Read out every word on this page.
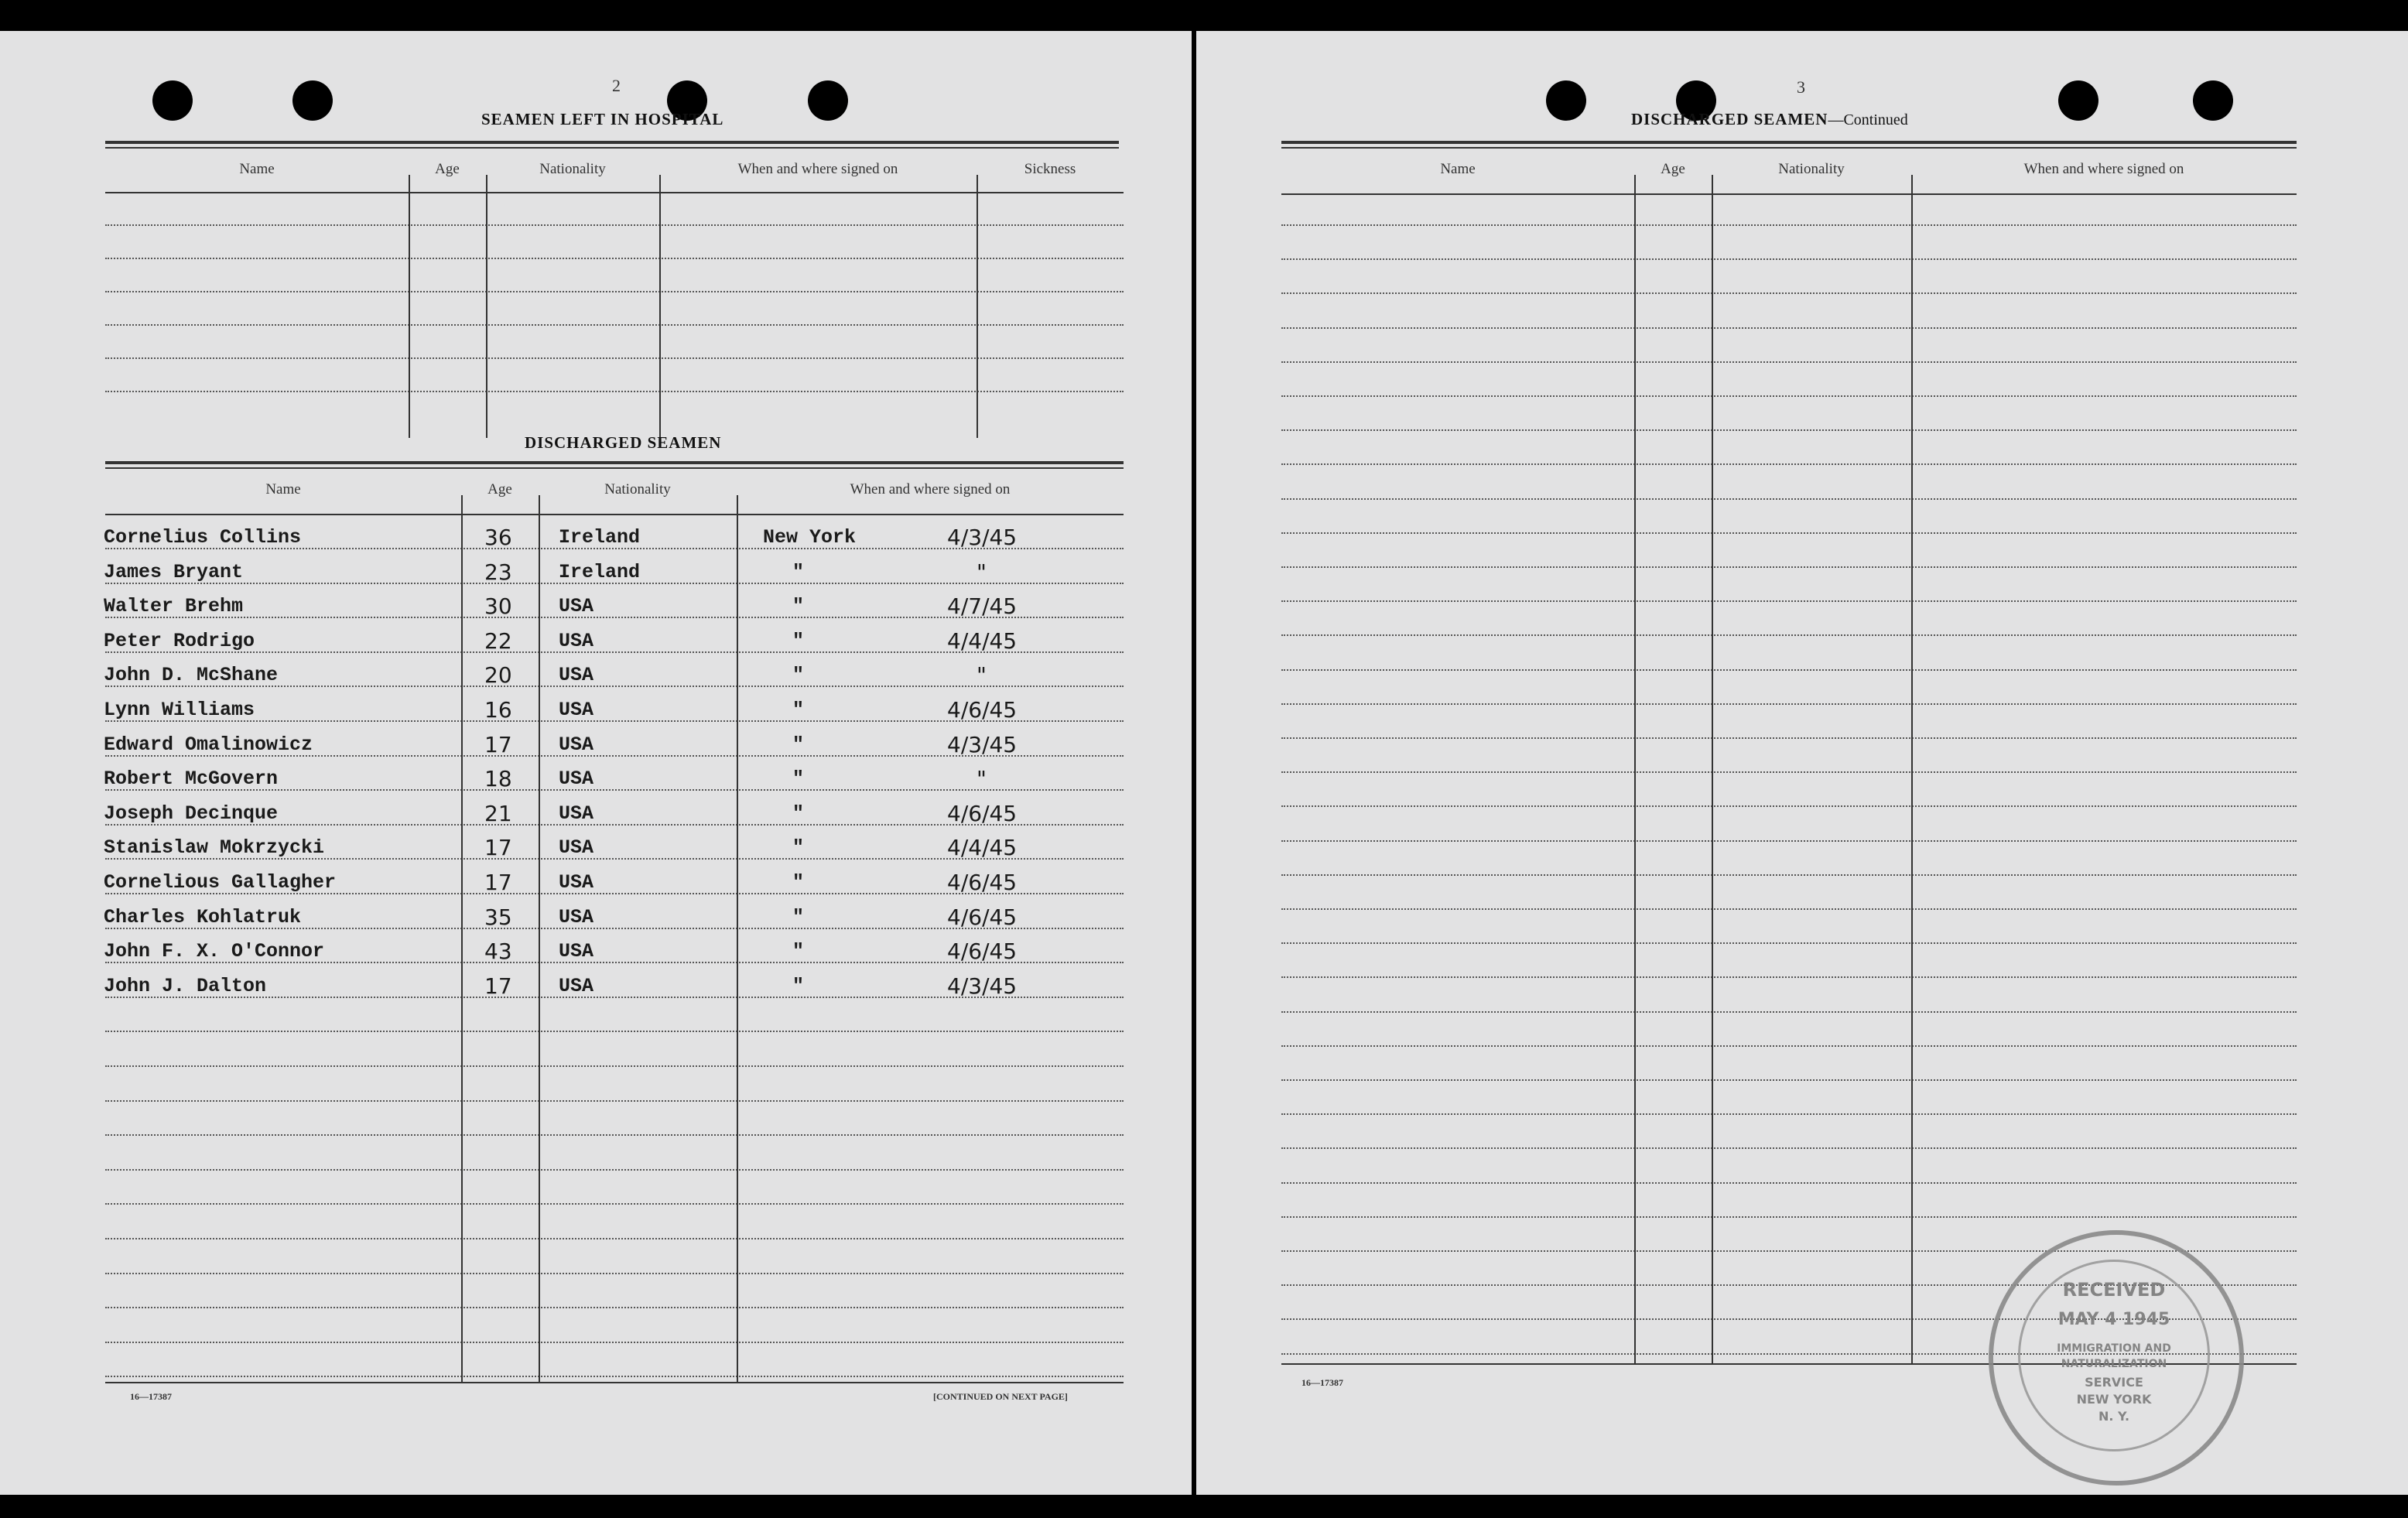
2
SEAMEN LEFT IN HOSPITAL
Name	Age	Nationality	When and where signed on	Sickness
DISCHARGED SEAMEN
Name	Age	Nationality	When and where signed on
Cornelius Collins	36 Ireland	New York	4/3/45
James Bryant	23 Ireland	"	"
Walter Brehm	30 USA	"	4/7/45
Peter Rodrigo	22 USA	"	4/4/45
John D. McShane	20 USA	"	"
Lynn Williams	16 USA	"	4/6/45
Edward Omalinowicz	17 USA	"	4/3/45
Robert McGovern	18 USA	"	"
Joseph Decinque	21 USA	"	4/6/45
Stanislaw Mokrzycki	17 USA	"	4/4/45
Cornelious Gallagher	17 USA	"	4/6/45
Charles Kohlatruk	35 USA	"	4/6/45
John F. X. O'Connor	43 USA	"	4/6/45
John J. Dalton	17 USA	"	4/3/45
16—17387	[CONTINUED ON NEXT PAGE]
3
DISCHARGED SEAMEN—Continued
Name	Age	Nationality	When and where signed on
16—17387
RECEIVED
MAY 4 1945
IMMIGRATION AND
NATURALIZATION
SERVICE
NEW YORK
N. Y.
